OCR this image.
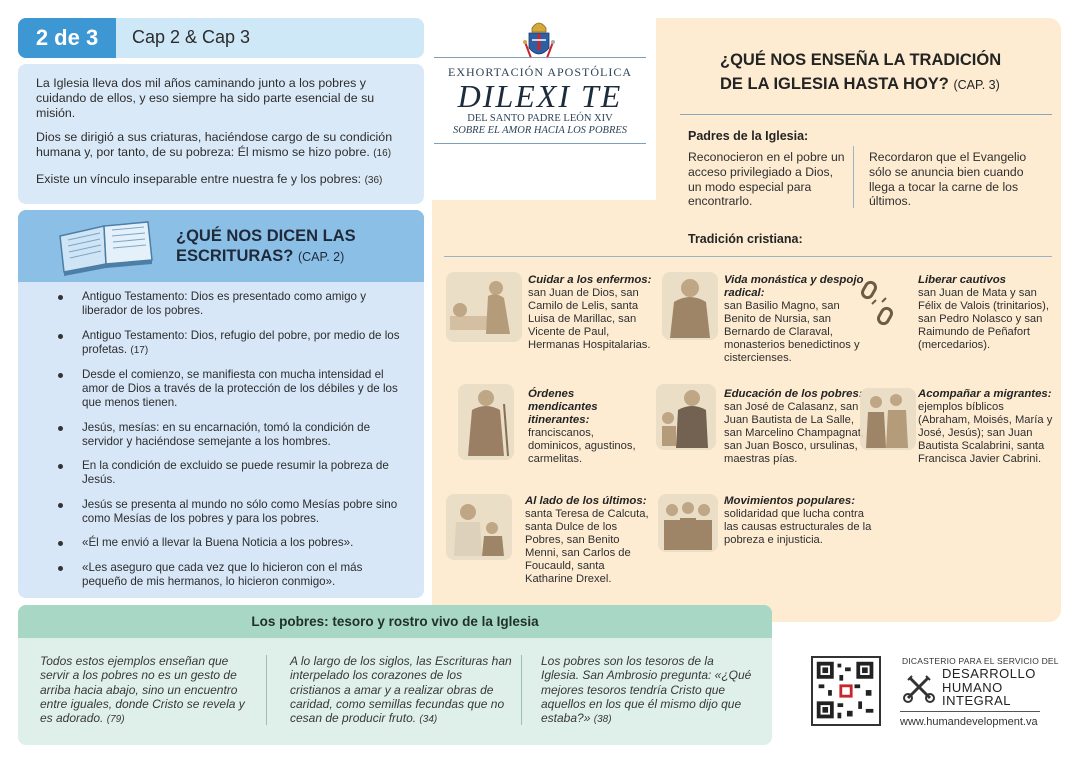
2 de 3	Cap 2 & Cap 3

La Iglesia lleva dos mil años caminando junto a los pobres y cuidando de ellos, y eso siempre ha sido parte esencial de su misión.

Dios se dirigió a sus criaturas, haciéndose cargo de su condición humana y, por tanto, de su pobreza: Él mismo se hizo pobre. (16)

Existe un vínculo inseparable entre nuestra fe y los pobres: (36)

¿QUÉ NOS DICEN LAS
ESCRITURAS? (CAP. 2)
Antiguo Testamento: Dios es presentado como amigo y liberador de los pobres.
Antiguo Testamento: Dios, refugio del pobre, por medio de los profetas. (17)
Desde el comienzo, se manifiesta con mucha intensidad el amor de Dios a través de la protección de los débiles y de los que menos tienen.
Jesús, mesías: en su encarnación, tomó la condición de servidor y haciéndose semejante a los hombres.
En la condición de excluido se puede resumir la pobreza de Jesús.
Jesús se presenta al mundo no sólo como Mesías pobre sino como Mesías de los pobres y para los pobres.
«Él me envió a llevar la Buena Noticia a los pobres».
«Les aseguro que cada vez que lo hicieron con el más pequeño de mis hermanos, lo hicieron conmigo».
EXHORTACIÓN APOSTÓLICA
DILEXI TE
DEL SANTO PADRE LEÓN XIV
SOBRE EL AMOR HACIA LOS POBRES
¿QUÉ NOS ENSEÑA LA TRADICIÓN
DE LA IGLESIA HASTA HOY? (CAP. 3)
Padres de la Iglesia:
Reconocieron en el pobre un acceso privilegiado a Dios, un modo especial para encontrarlo.
Recordaron que el Evangelio sólo se anuncia bien cuando llega a tocar la carne de los últimos.
Tradición cristiana:
Cuidar a los enfermos:
san Juan de Dios, san Camilo de Lelis, santa Luisa de Marillac, san Vicente de Paul, Hermanas Hospitalarias.
Vida monástica y despojo radical:
san Basilio Magno, san Benito de Nursia, san Bernardo de Claraval, monasterios benedictinos y cistercienses.
Liberar cautivos
san Juan de Mata y san Félix de Valois (trinitarios), san Pedro Nolasco y san Raimundo de Peñafort (mercedarios).
Órdenes mendicantes itinerantes:
franciscanos, dominicos, agustinos, carmelitas.
Educación de los pobres:
san José de Calasanz, san Juan Bautista de La Salle, san Marcelino Champagnat, san Juan Bosco, ursulinas, maestras pías.
Acompañar a migrantes:
ejemplos bíblicos (Abraham, Moisés, María y José, Jesús); san Juan Bautista Scalabrini, santa Francisca Javier Cabrini.
Al lado de los últimos:
santa Teresa de Calcuta, santa Dulce de los Pobres, san Benito Menni, san Carlos de Foucauld, santa Katharine Drexel.
Movimientos populares:
solidaridad que lucha contra las causas estructurales de la pobreza e injusticia.
Los pobres: tesoro y rostro vivo de la Iglesia
Todos estos ejemplos enseñan que servir a los pobres no es un gesto de arriba hacia abajo, sino un encuentro entre iguales, donde Cristo se revela y es adorado. (79)
A lo largo de los siglos, las Escrituras han interpelado los corazones de los cristianos a amar y a realizar obras de caridad, como semillas fecundas que no cesan de producir fruto. (34)
Los pobres son los tesoros de la Iglesia. San Ambrosio pregunta: «¿Qué mejores tesoros tendría Cristo que aquellos en los que él mismo dijo que estaba?» (38)
DICASTERIO PARA EL SERVICIO DEL
DESARROLLO
HUMANO
INTEGRAL
www.humandevelopment.va
